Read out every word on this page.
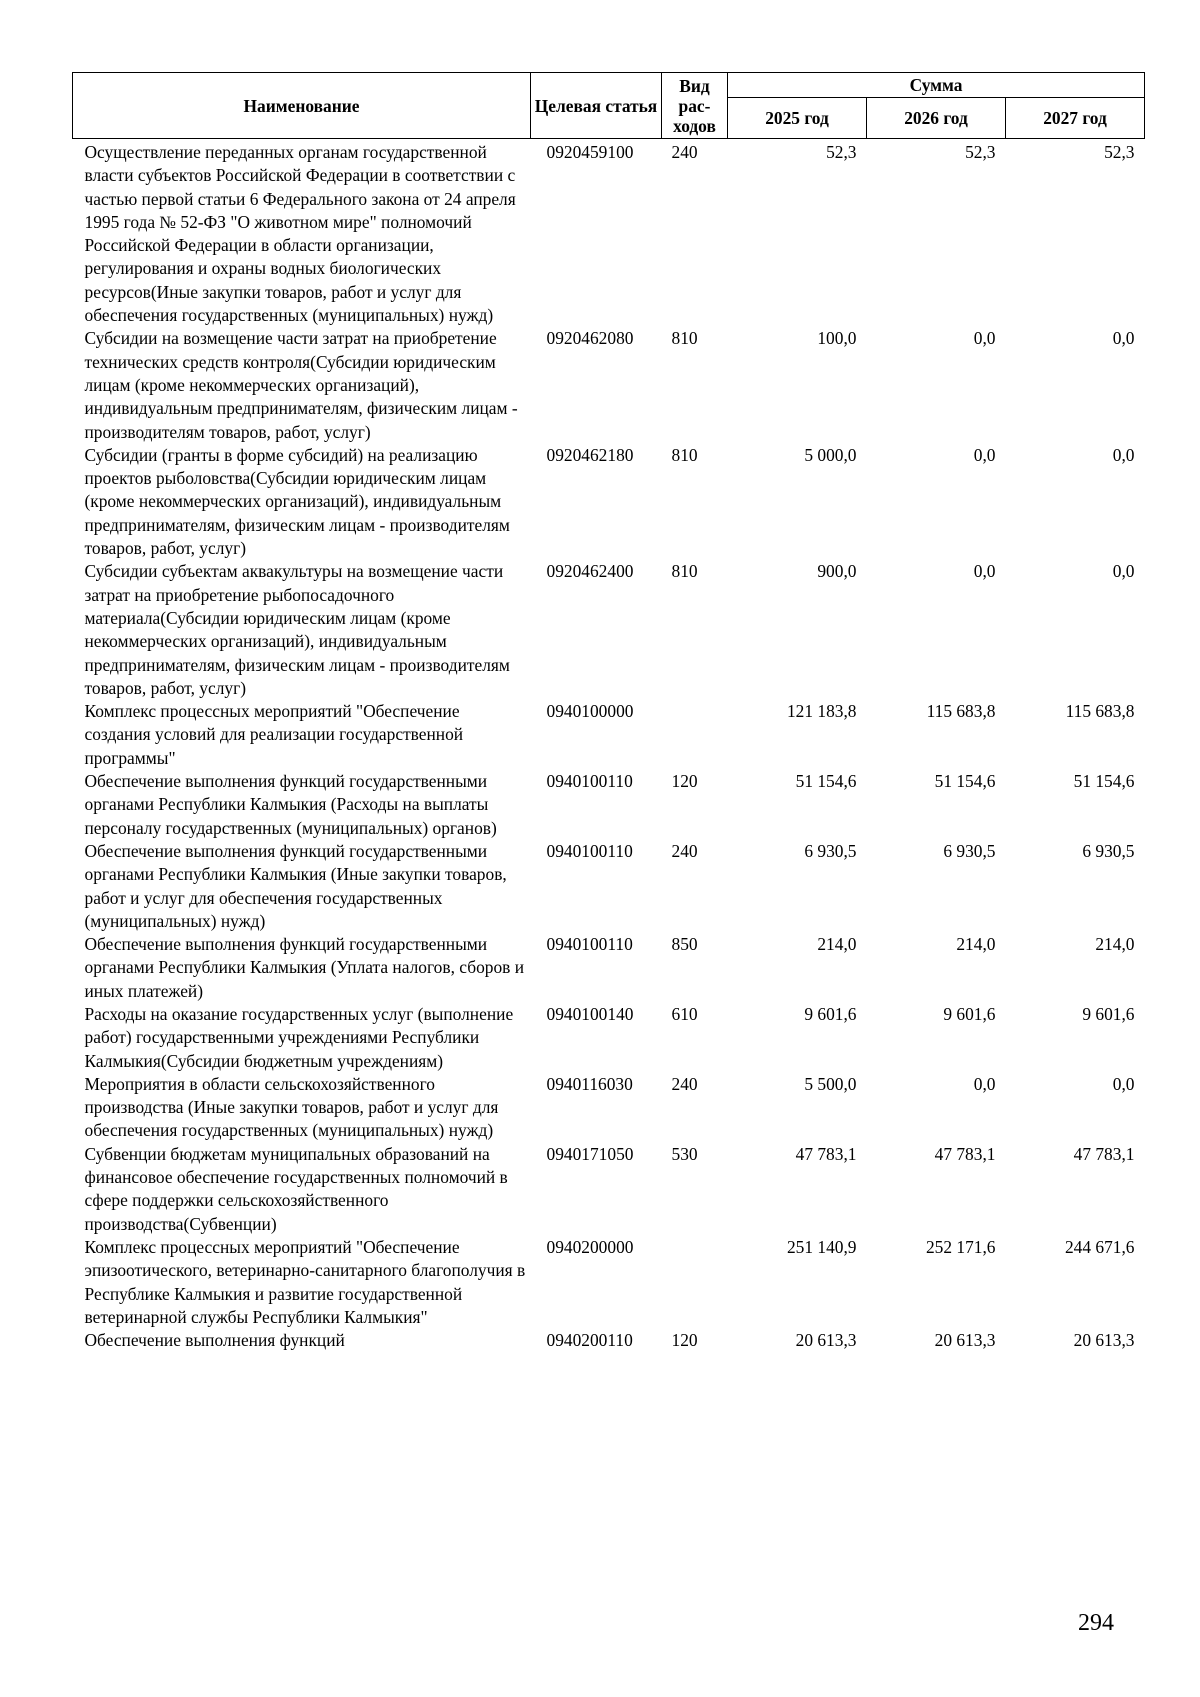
Наименование	Целевая статья	Вид рас-ходов	Сумма		
			2025 год	2026 год	2027 год
Осуществление переданных органам государственной власти субъектов Российской Федерации в соответствии с частью первой статьи 6 Федерального закона от 24 апреля 1995 года № 52-ФЗ "О животном мире" полномочий Российской Федерации в области организации, регулирования и охраны водных биологических ресурсов(Иные закупки товаров, работ и услуг для обеспечения государственных (муниципальных) нужд)	0920459100	240	52,3	52,3	52,3
Субсидии на возмещение части затрат на приобретение технических средств контроля(Субсидии юридическим лицам (кроме некоммерческих организаций), индивидуальным предпринимателям, физическим лицам - производителям товаров, работ, услуг)	0920462080	810	100,0	0,0	0,0
Субсидии (гранты в форме субсидий) на реализацию проектов рыболовства(Субсидии юридическим лицам (кроме некоммерческих организаций), индивидуальным предпринимателям, физическим лицам - производителям товаров, работ, услуг)	0920462180	810	5 000,0	0,0	0,0
Субсидии субъектам аквакультуры на возмещение части затрат на приобретение рыбопосадочного материала(Субсидии юридическим лицам (кроме некоммерческих организаций), индивидуальным предпринимателям, физическим лицам - производителям товаров, работ, услуг)	0920462400	810	900,0	0,0	0,0
Комплекс процессных мероприятий "Обеспечение создания условий для реализации государственной программы"	0940100000		121 183,8	115 683,8	115 683,8
Обеспечение выполнения функций государственными органами Республики Калмыкия (Расходы на выплаты персоналу государственных (муниципальных) органов)	0940100110	120	51 154,6	51 154,6	51 154,6
Обеспечение выполнения функций государственными органами Республики Калмыкия (Иные закупки товаров, работ и услуг для обеспечения государственных (муниципальных) нужд)	0940100110	240	6 930,5	6 930,5	6 930,5
Обеспечение выполнения функций государственными органами Республики Калмыкия (Уплата налогов, сборов и иных платежей)	0940100110	850	214,0	214,0	214,0
Расходы на оказание государственных услуг (выполнение работ) государственными учреждениями Республики Калмыкия(Субсидии бюджетным учреждениям)	0940100140	610	9 601,6	9 601,6	9 601,6
Мероприятия в области сельскохозяйственного производства (Иные закупки товаров, работ и услуг для обеспечения государственных (муниципальных) нужд)	0940116030	240	5 500,0	0,0	0,0
Субвенции бюджетам муниципальных образований на финансовое обеспечение государственных полномочий в сфере поддержки сельскохозяйственного производства(Субвенции)	0940171050	530	47 783,1	47 783,1	47 783,1
Комплекс процессных мероприятий "Обеспечение эпизоотического, ветеринарно-санитарного благополучия в Республике Калмыкия и развитие государственной ветеринарной службы Республики Калмыкия"	0940200000		251 140,9	252 171,6	244 671,6
Обеспечение выполнения функций	0940200110	120	20 613,3	20 613,3	20 613,3
294
